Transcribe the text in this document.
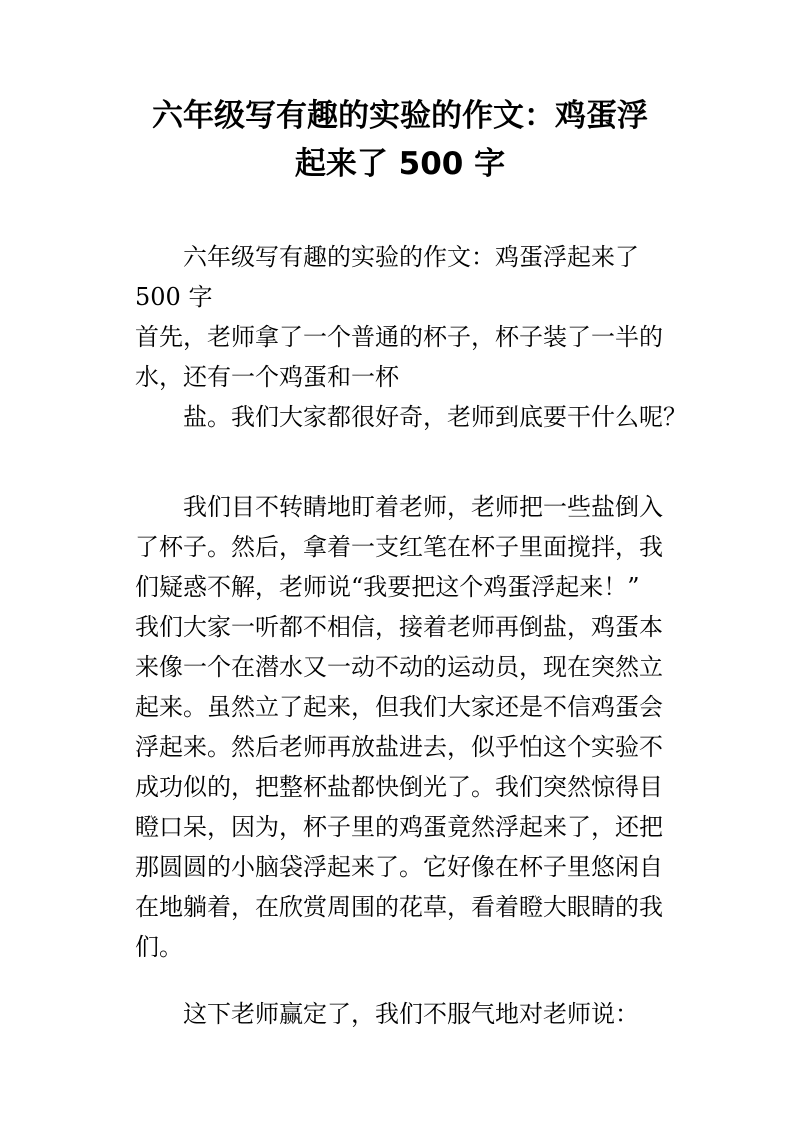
六年级写有趣的实验的作文：鸡蛋浮
起来了 500 字
六年级写有趣的实验的作文：鸡蛋浮起来了
500 字
首先，老师拿了一个普通的杯子，杯子装了一半的
水，还有一个鸡蛋和一杯
盐。我们大家都很好奇，老师到底要干什么呢？
我们目不转睛地盯着老师，老师把一些盐倒入
了杯子。然后，拿着一支红笔在杯子里面搅拌，我
们疑惑不解，老师说“我要把这个鸡蛋浮起来！”
我们大家一听都不相信，接着老师再倒盐，鸡蛋本
来像一个在潜水又一动不动的运动员，现在突然立
起来。虽然立了起来，但我们大家还是不信鸡蛋会
浮起来。然后老师再放盐进去，似乎怕这个实验不
成功似的，把整杯盐都快倒光了。我们突然惊得目
瞪口呆，因为，杯子里的鸡蛋竟然浮起来了，还把
那圆圆的小脑袋浮起来了。它好像在杯子里悠闲自
在地躺着，在欣赏周围的花草，看着瞪大眼睛的我
们。
这下老师赢定了，我们不服气地对老师说：
